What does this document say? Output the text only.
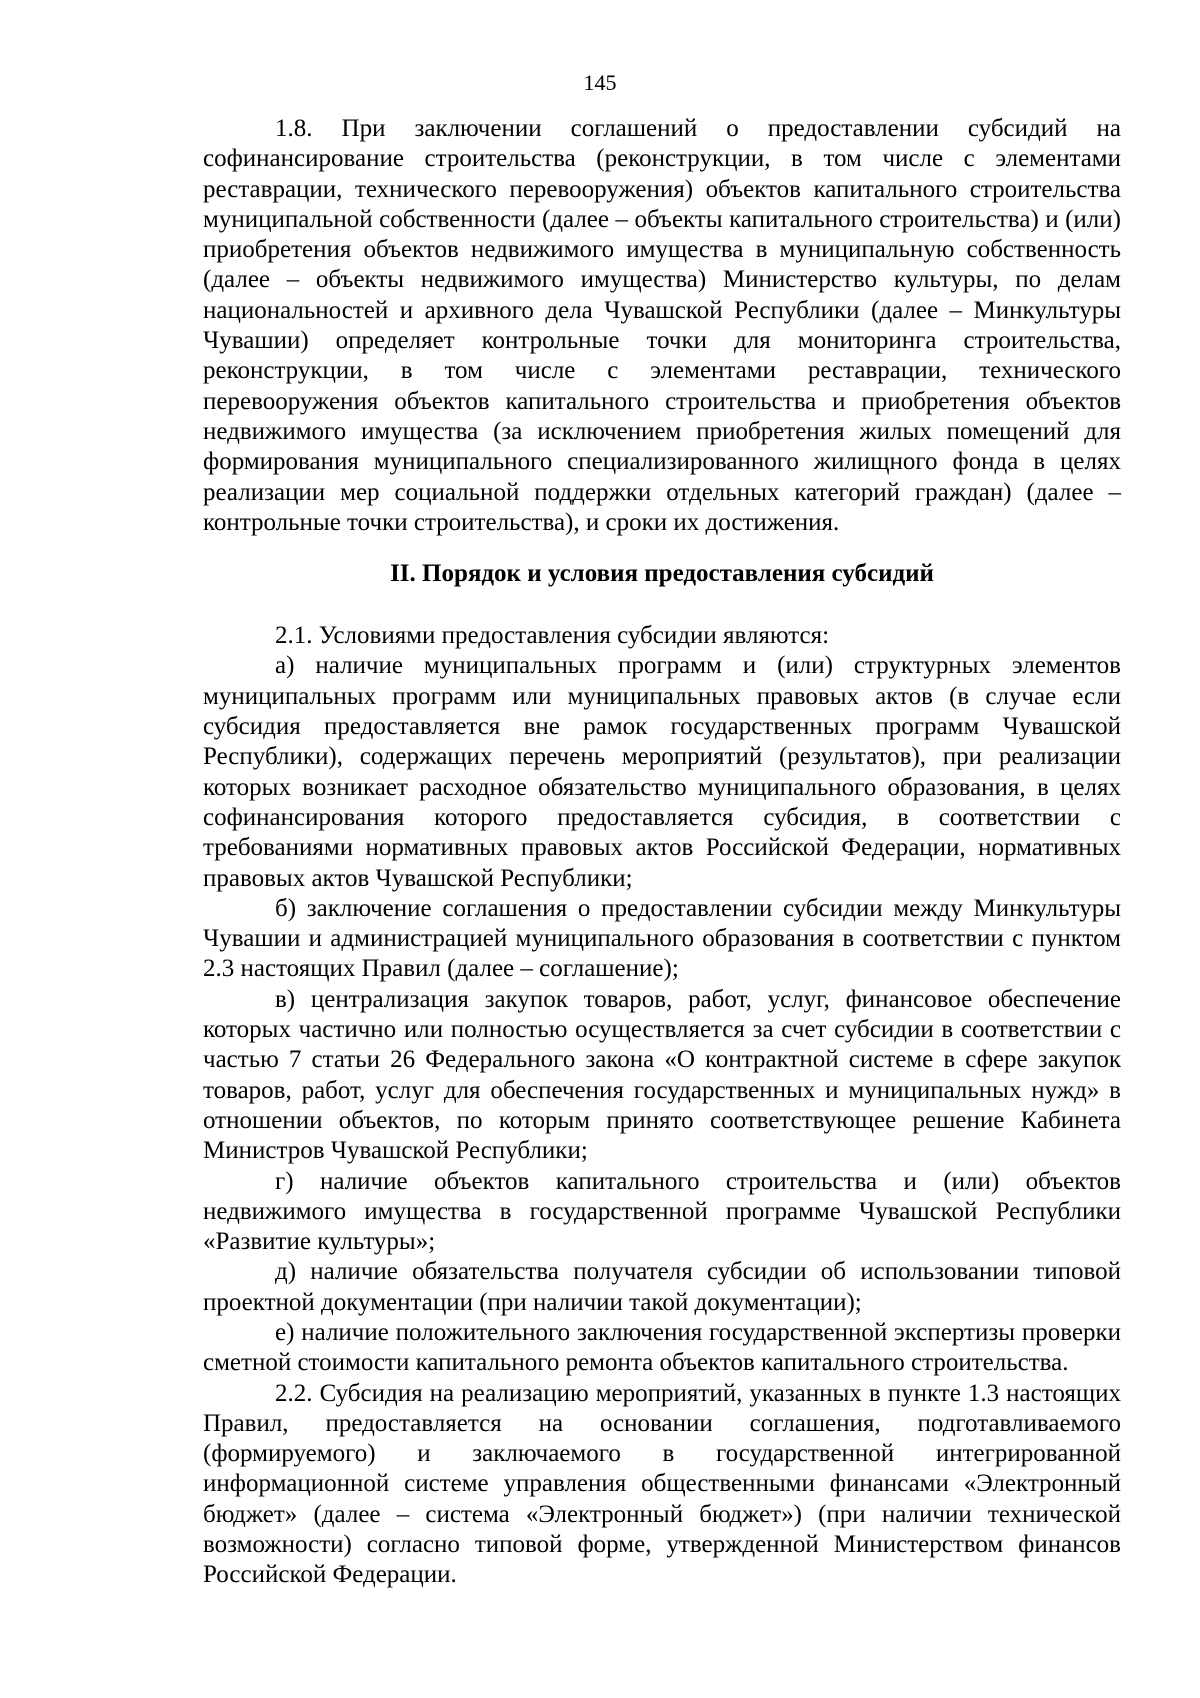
145

1.8. При заключении соглашений о предоставлении субсидий на софинансирование строительства (реконструкции, в том числе с элементами реставрации, технического перевооружения) объектов капитального строительства муниципальной собственности (далее – объекты капитального строительства) и (или) приобретения объектов недвижимого имущества в муниципальную собственность (далее – объекты недвижимого имущества) Министерство культуры, по делам национальностей и архивного дела Чувашской Республики (далее – Минкультуры Чувашии) определяет контрольные точки для мониторинга строительства, реконструкции, в том числе с элементами реставрации, технического перевооружения объектов капитального строительства и приобретения объектов недвижимого имущества (за исключением приобретения жилых помещений для формирования муниципального специализированного жилищного фонда в целях реализации мер социальной поддержки отдельных категорий граждан) (далее – контрольные точки строительства), и сроки их достижения.

II. Порядок и условия предоставления субсидий

2.1. Условиями предоставления субсидии являются:

а) наличие муниципальных программ и (или) структурных элементов муниципальных программ или муниципальных правовых актов (в случае если субсидия предоставляется вне рамок государственных программ Чувашской Республики), содержащих перечень мероприятий (результатов), при реализации которых возникает расходное обязательство муниципального образования, в целях софинансирования которого предоставляется субсидия, в соответствии с требованиями нормативных правовых актов Российской Федерации, нормативных правовых актов Чувашской Республики;

б) заключение соглашения о предоставлении субсидии между Минкультуры Чувашии и администрацией муниципального образования в соответствии с пунктом 2.3 настоящих Правил (далее – соглашение);

в) централизация закупок товаров, работ, услуг, финансовое обеспечение которых частично или полностью осуществляется за счет субсидии в соответствии с частью 7 статьи 26 Федерального закона «О контрактной системе в сфере закупок товаров, работ, услуг для обеспечения государственных и муниципальных нужд» в отношении объектов, по которым принято соответствующее решение Кабинета Министров Чувашской Республики;

г) наличие объектов капитального строительства и (или) объектов недвижимого имущества в государственной программе Чувашской Республики «Развитие культуры»;

д) наличие обязательства получателя субсидии об использовании типовой проектной документации (при наличии такой документации);

е) наличие положительного заключения государственной экспертизы проверки сметной стоимости капитального ремонта объектов капитального строительства.

2.2. Субсидия на реализацию мероприятий, указанных в пункте 1.3 настоящих Правил, предоставляется на основании соглашения, подготавливаемого (формируемого) и заключаемого в государственной интегрированной информационной системе управления общественными финансами «Электронный бюджет» (далее – система «Электронный бюджет») (при наличии технической возможности) согласно типовой форме, утвержденной Министерством финансов Российской Федерации.
